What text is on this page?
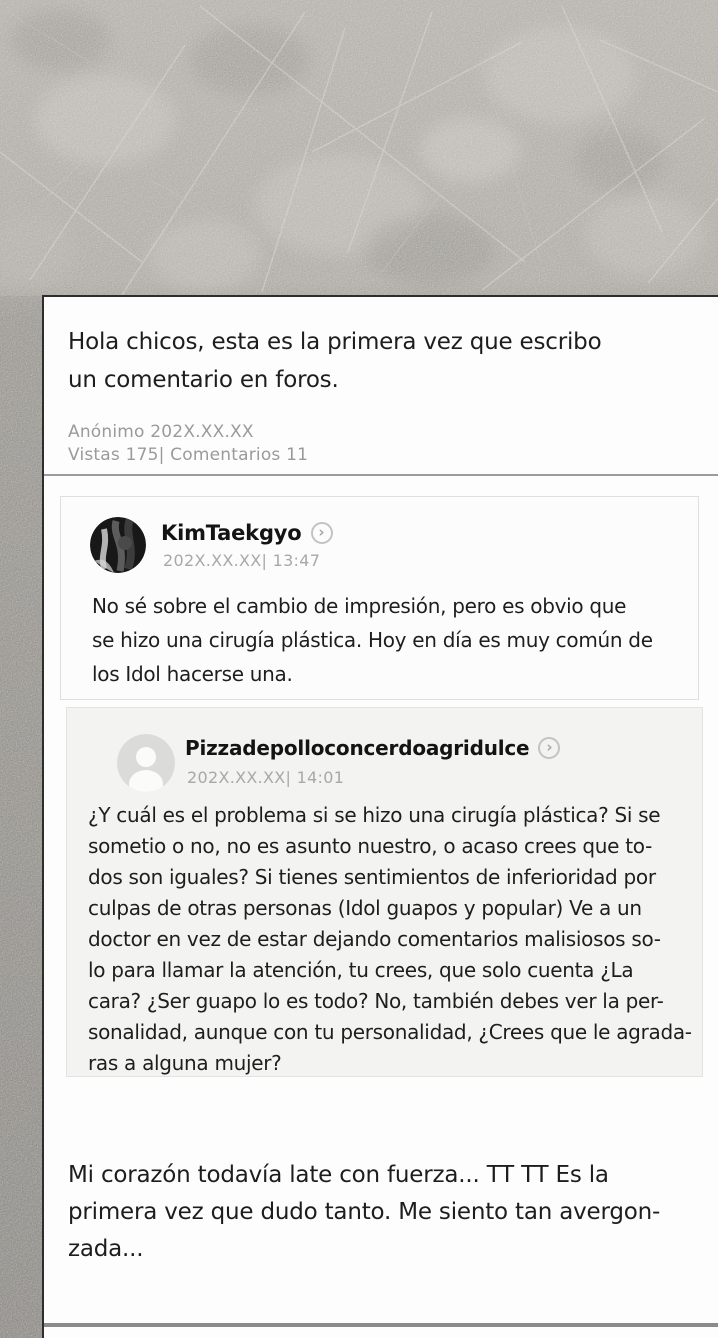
Hola chicos, esta es la primera vez que escribo
un comentario en foros.
Anónimo 202X.XX.XX
Vistas 175| Comentarios 11
KimTaekgyo	›
202X.XX.XX| 13:47
No sé sobre el cambio de impresión, pero es obvio que
se hizo una cirugía plástica. Hoy en día es muy común de
los Idol hacerse una.
Pizzadepolloconcerdoagridulce	›
202X.XX.XX| 14:01
¿Y cuál es el problema si se hizo una cirugía plástica? Si se
sometio o no, no es asunto nuestro, o acaso crees que to-
dos son iguales? Si tienes sentimientos de inferioridad por
culpas de otras personas (Idol guapos y popular) Ve a un
doctor en vez de estar dejando comentarios malisiosos so-
lo para llamar la atención, tu crees, que solo cuenta ¿La
cara? ¿Ser guapo lo es todo? No, también debes ver la per-
sonalidad, aunque con tu personalidad, ¿Crees que le agrada-
ras a alguna mujer?
Mi corazón todavía late con fuerza... TT TT Es la
primera vez que dudo tanto. Me siento tan avergon-
zada...
